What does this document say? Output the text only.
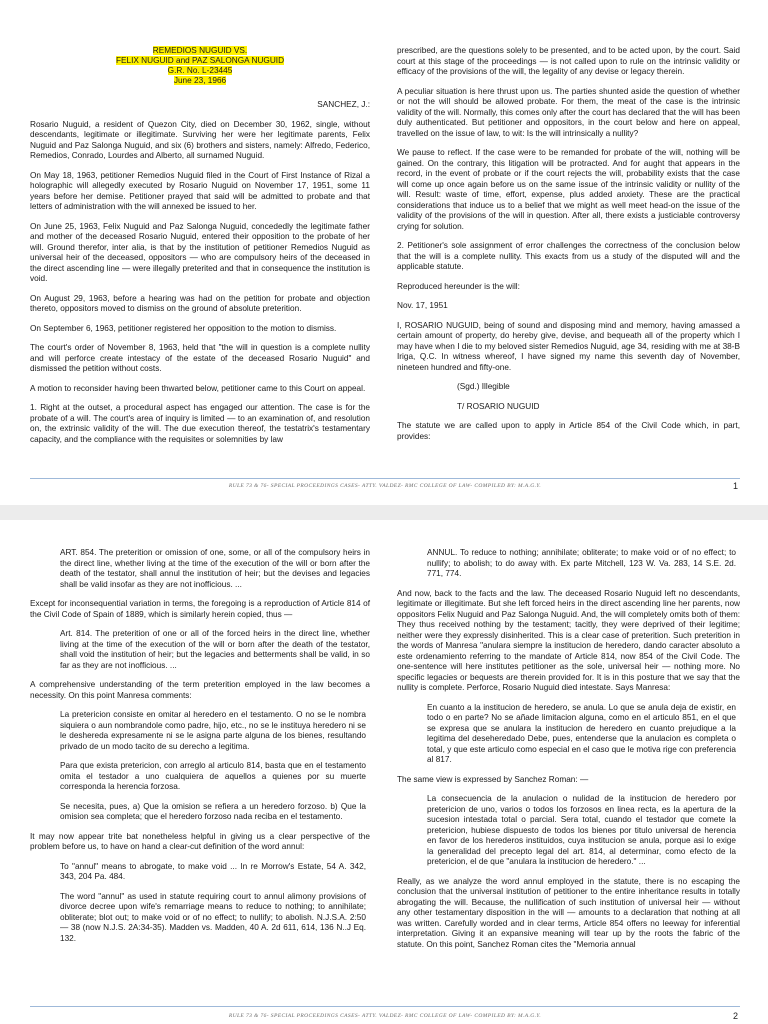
REMEDIOS NUGUID VS.
FELIX NUGUID and PAZ SALONGA NUGUID
G.R. No. L-23445
June 23, 1966

SANCHEZ, J.:

Rosario Nuguid, a resident of Quezon City, died on December 30, 1962, single, without descendants, legitimate or illegitimate. Surviving her were her legitimate parents, Felix Nuguid and Paz Salonga Nuguid, and six (6) brothers and sisters, namely: Alfredo, Federico, Remedios, Conrado, Lourdes and Alberto, all surnamed Nuguid.

On May 18, 1963, petitioner Remedios Nuguid filed in the Court of First Instance of Rizal a holographic will allegedly executed by Rosario Nuguid on November 17, 1951, some 11 years before her demise. Petitioner prayed that said will be admitted to probate and that letters of administration with the will annexed be issued to her.

On June 25, 1963, Felix Nuguid and Paz Salonga Nuguid, concededly the legitimate father and mother of the deceased Rosario Nuguid, entered their opposition to the probate of her will. Ground therefor, inter alia, is that by the institution of petitioner Remedios Nuguid as universal heir of the deceased, oppositors — who are compulsory heirs of the deceased in the direct ascending line — were illegally preterited and that in consequence the institution is void.

On August 29, 1963, before a hearing was had on the petition for probate and objection thereto, oppositors moved to dismiss on the ground of absolute preterition.

On September 6, 1963, petitioner registered her opposition to the motion to dismiss.

The court's order of November 8, 1963, held that "the will in question is a complete nullity and will perforce create intestacy of the estate of the deceased Rosario Nuguid" and dismissed the petition without costs.

A motion to reconsider having been thwarted below, petitioner came to this Court on appeal.

1. Right at the outset, a procedural aspect has engaged our attention. The case is for the probate of a will. The court's area of inquiry is limited — to an examination of, and resolution on, the extrinsic validity of the will. The due execution thereof, the testatrix's testamentary capacity, and the compliance with the requisites or solemnities by law

prescribed, are the questions solely to be presented, and to be acted upon, by the court. Said court at this stage of the proceedings — is not called upon to rule on the intrinsic validity or efficacy of the provisions of the will, the legality of any devise or legacy therein.

A peculiar situation is here thrust upon us. The parties shunted aside the question of whether or not the will should be allowed probate. For them, the meat of the case is the intrinsic validity of the will. Normally, this comes only after the court has declared that the will has been duly authenticated. But petitioner and oppositors, in the court below and here on appeal, travelled on the issue of law, to wit: Is the will intrinsically a nullity?

We pause to reflect. If the case were to be remanded for probate of the will, nothing will be gained. On the contrary, this litigation will be protracted. And for aught that appears in the record, in the event of probate or if the court rejects the will, probability exists that the case will come up once again before us on the same issue of the intrinsic validity or nullity of the will. Result: waste of time, effort, expense, plus added anxiety. These are the practical considerations that induce us to a belief that we might as well meet head-on the issue of the validity of the provisions of the will in question. After all, there exists a justiciable controversy crying for solution.

2. Petitioner's sole assignment of error challenges the correctness of the conclusion below that the will is a complete nullity. This exacts from us a study of the disputed will and the applicable statute.

Reproduced hereunder is the will:

Nov. 17, 1951

I, ROSARIO NUGUID, being of sound and disposing mind and memory, having amassed a certain amount of property, do hereby give, devise, and bequeath all of the property which I may have when I die to my beloved sister Remedios Nuguid, age 34, residing with me at 38-B Iriga, Q.C. In witness whereof, I have signed my name this seventh day of November, nineteen hundred and fifty-one.

(Sgd.) Illegible

T/ ROSARIO NUGUID

The statute we are called upon to apply in Article 854 of the Civil Code which, in part, provides:

RULE 73 & 76- SPECIAL PROCEEDINGS CASES- ATTY. VALDEZ- RMC COLLEGE OF LAW- COMPILED BY: M.A.G.Y.	1

ART. 854. The preterition or omission of one, some, or all of the compulsory heirs in the direct line, whether living at the time of the execution of the will or born after the death of the testator, shall annul the institution of heir; but the devises and legacies shall be valid insofar as they are not inofficious. ...

Except for inconsequential variation in terms, the foregoing is a reproduction of Article 814 of the Civil Code of Spain of 1889, which is similarly herein copied, thus —

Art. 814. The preterition of one or all of the forced heirs in the direct line, whether living at the time of the execution of the will or born after the death of the testator, shall void the institution of heir; but the legacies and betterments shall be valid, in so far as they are not inofficious. ...

A comprehensive understanding of the term preterition employed in the law becomes a necessity. On this point Manresa comments:

La pretericion consiste en omitar al heredero en el testamento. O no se le nombra siquiera o aun nombrandole como padre, hijo, etc., no se le instituya heredero ni se le deshereda expresamente ni se le asigna parte alguna de los bienes, resultando privado de un modo tacito de su derecho a legitima.

Para que exista pretericion, con arreglo al articulo 814, basta que en el testamento omita el testador a uno cualquiera de aquellos a quienes por su muerte corresponda la herencia forzosa.

Se necesita, pues, a) Que la omision se refiera a un heredero forzoso. b) Que la omision sea completa; que el heredero forzoso nada reciba en el testamento.

It may now appear trite bat nonetheless helpful in giving us a clear perspective of the problem before us, to have on hand a clear-cut definition of the word annul:

To "annul" means to abrogate, to make void ... In re Morrow's Estate, 54 A. 342, 343, 204 Pa. 484.

The word "annul" as used in statute requiring court to annul alimony provisions of divorce decree upon wife's remarriage means to reduce to nothing; to annihilate; obliterate; blot out; to make void or of no effect; to nullify; to abolish. N.J.S.A. 2:50 — 38 (now N.J.S. 2A:34-35). Madden vs. Madden, 40 A. 2d 611, 614, 136 N..J Eq. 132.

ANNUL. To reduce to nothing; annihilate; obliterate; to make void or of no effect; to nullify; to abolish; to do away with. Ex parte Mitchell, 123 W. Va. 283, 14 S.E. 2d. 771, 774.

And now, back to the facts and the law. The deceased Rosario Nuguid left no descendants, legitimate or illegitimate. But she left forced heirs in the direct ascending line her parents, now oppositors Felix Nuguid and Paz Salonga Nuguid. And, the will completely omits both of them: They thus received nothing by the testament; tacitly, they were deprived of their legitime; neither were they expressly disinherited. This is a clear case of preterition. Such preterition in the words of Manresa "anulara siempre la institucion de heredero, dando caracter absoluto a este ordenamiento referring to the mandate of Article 814, now 854 of the Civil Code. The one-sentence will here institutes petitioner as the sole, universal heir — nothing more. No specific legacies or bequests are therein provided for. It is in this posture that we say that the nullity is complete. Perforce, Rosario Nuguid died intestate. Says Manresa:

En cuanto a la institucion de heredero, se anula. Lo que se anula deja de existir, en todo o en parte? No se añade limitacion alguna, como en el articulo 851, en el que se expresa que se anulara la institucion de heredero en cuanto prejudique a la legitima del deseheredado Debe, pues, entenderse que la anulacion es completa o total, y que este articulo como especial en el caso que le motiva rige con preferencia al 817.

The same view is expressed by Sanchez Roman: —

La consecuencia de la anulacion o nulidad de la institucion de heredero por pretericion de uno, varios o todos los forzosos en linea recta, es la apertura de la sucesion intestada total o parcial. Sera total, cuando el testador que comete la pretericion, hubiese dispuesto de todos los bienes por titulo universal de herencia en favor de los herederos instituidos, cuya institucion se anula, porque asi lo exige la generalidad del precepto legal del art. 814, al determinar, como efecto de la pretericion, el de que "anulara la institucion de heredero." ...

Really, as we analyze the word annul employed in the statute, there is no escaping the conclusion that the universal institution of petitioner to the entire inheritance results in totally abrogating the will. Because, the nullification of such institution of universal heir — without any other testamentary disposition in the will — amounts to a declaration that nothing at all was written. Carefully worded and in clear terms, Article 854 offers no leeway for inferential interpretation. Giving it an expansive meaning will tear up by the roots the fabric of the statute. On this point, Sanchez Roman cites the "Memoria annual

RULE 73 & 76- SPECIAL PROCEEDINGS CASES- ATTY. VALDEZ- RMC COLLEGE OF LAW- COMPILED BY: M.A.G.Y.	2
